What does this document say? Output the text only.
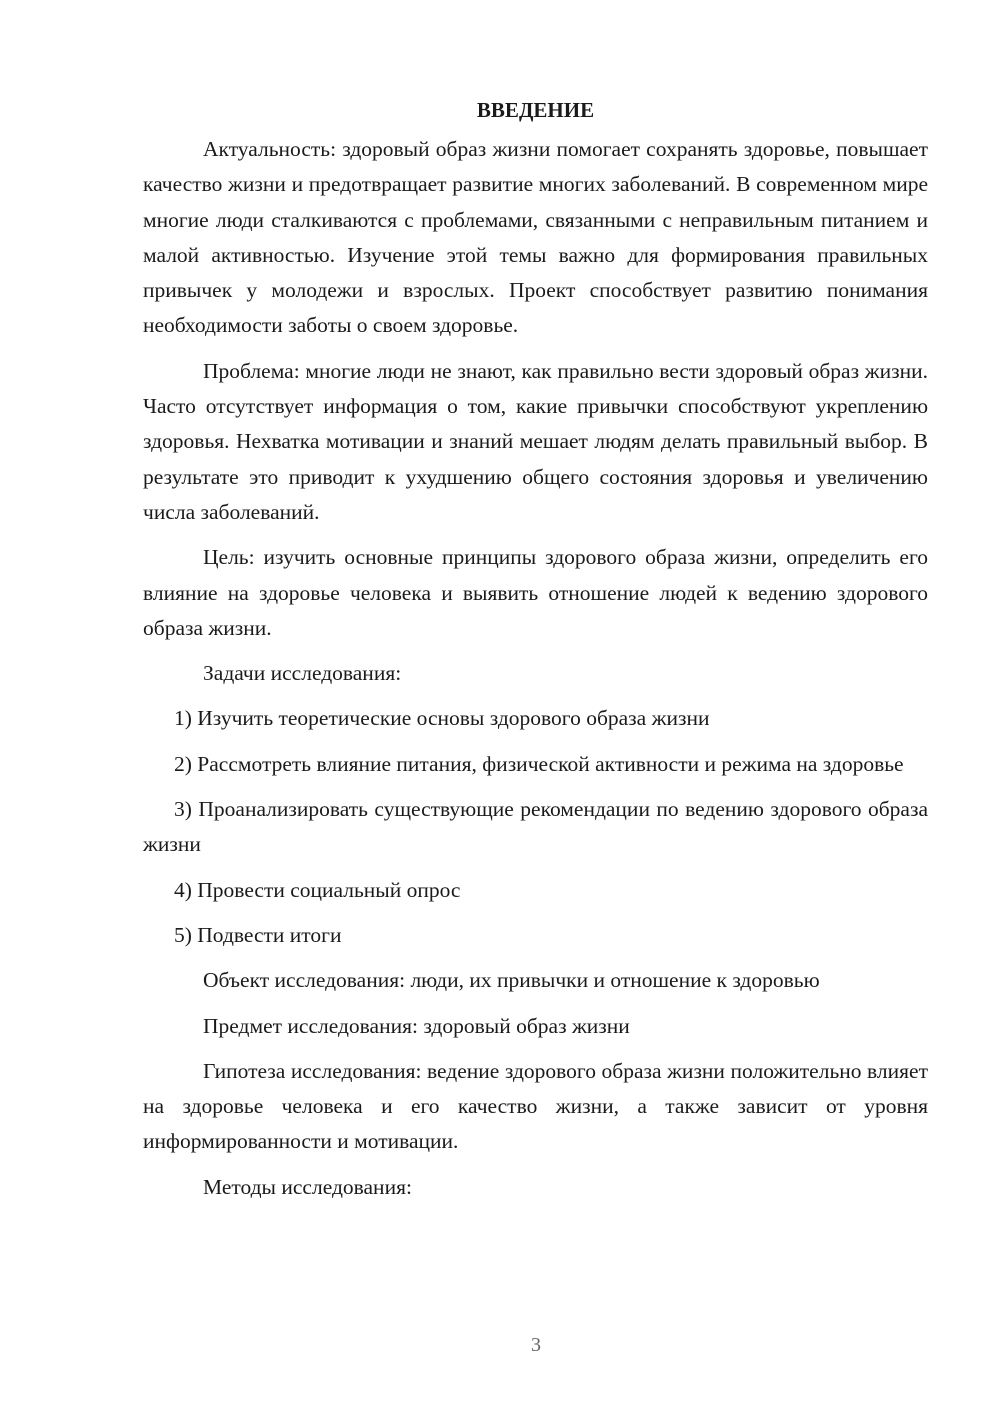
ВВЕДЕНИЕ
Актуальность: здоровый образ жизни помогает сохранять здоровье, повышает качество жизни и предотвращает развитие многих заболеваний. В современном мире многие люди сталкиваются с проблемами, связанными с неправильным питанием и малой активностью. Изучение этой темы важно для формирования правильных привычек у молодежи и взрослых. Проект способствует развитию понимания необходимости заботы о своем здоровье.
Проблема: многие люди не знают, как правильно вести здоровый образ жизни. Часто отсутствует информация о том, какие привычки способствуют укреплению здоровья. Нехватка мотивации и знаний мешает людям делать правильный выбор. В результате это приводит к ухудшению общего состояния здоровья и увеличению числа заболеваний.
Цель: изучить основные принципы здорового образа жизни, определить его влияние на здоровье человека и выявить отношение людей к ведению здорового образа жизни.
Задачи исследования:
1) Изучить теоретические основы здорового образа жизни
2) Рассмотреть влияние питания, физической активности и режима на здоровье
3) Проанализировать существующие рекомендации по ведению здорового образа жизни
4) Провести социальный опрос
5) Подвести итоги
Объект исследования: люди, их привычки и отношение к здоровью
Предмет исследования: здоровый образ жизни
Гипотеза исследования: ведение здорового образа жизни положительно влияет на здоровье человека и его качество жизни, а также зависит от уровня информированности и мотивации.
Методы исследования:
3
